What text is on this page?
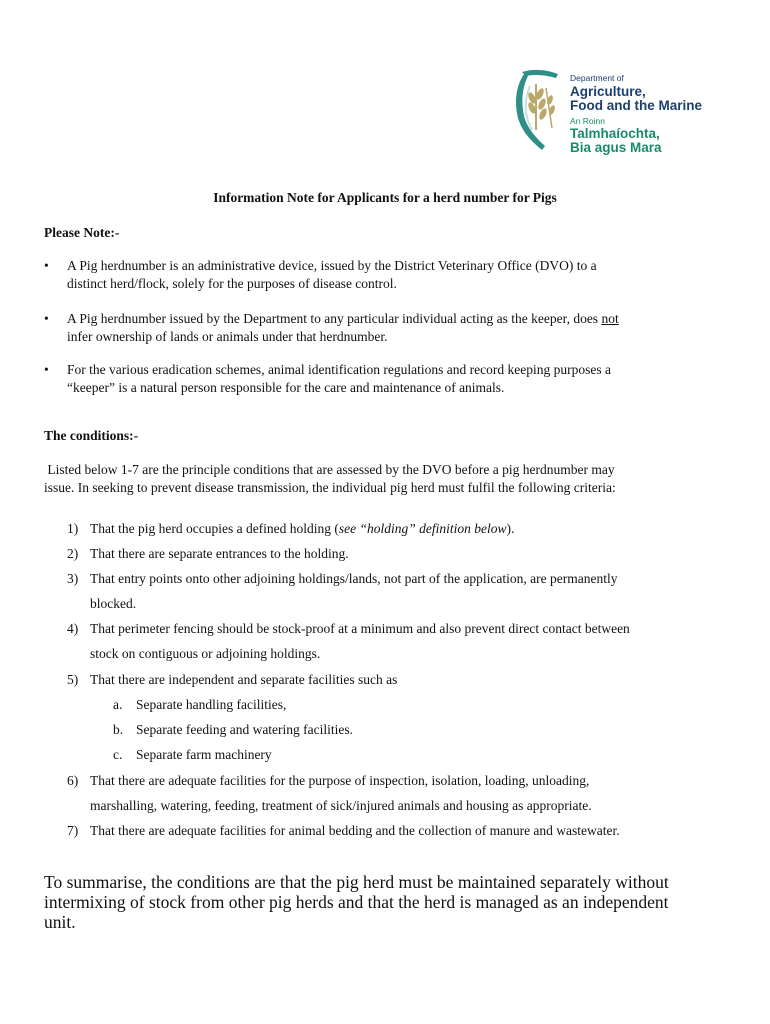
Department of
Agriculture,
Food and the Marine
An Roinn
Talmhaíochta,
Bia agus Mara
Information Note for Applicants for a herd number for Pigs
Please Note:-
• A Pig herdnumber is an administrative device, issued by the District Veterinary Office (DVO) to a
distinct herd/flock, solely for the purposes of disease control.
• A Pig herdnumber issued by the Department to any particular individual acting as the keeper, does not
infer ownership of lands or animals under that herdnumber.
• For the various eradication schemes, animal identification regulations and record keeping purposes a
“keeper” is a natural person responsible for the care and maintenance of animals.
The conditions:-
Listed below 1-7 are the principle conditions that are assessed by the DVO before a pig herdnumber may
issue. In seeking to prevent disease transmission, the individual pig herd must fulfil the following criteria:
1) That the pig herd occupies a defined holding (see “holding” definition below).
2) That there are separate entrances to the holding.
3) That entry points onto other adjoining holdings/lands, not part of the application, are permanently
blocked.
4) That perimeter fencing should be stock-proof at a minimum and also prevent direct contact between
stock on contiguous or adjoining holdings.
5) That there are independent and separate facilities such as
a. Separate handling facilities,
b. Separate feeding and watering facilities.
c. Separate farm machinery
6) That there are adequate facilities for the purpose of inspection, isolation, loading, unloading,
marshalling, watering, feeding, treatment of sick/injured animals and housing as appropriate.
7) That there are adequate facilities for animal bedding and the collection of manure and wastewater.
To summarise, the conditions are that the pig herd must be maintained separately without
intermixing of stock from other pig herds and that the herd is managed as an independent
unit.
